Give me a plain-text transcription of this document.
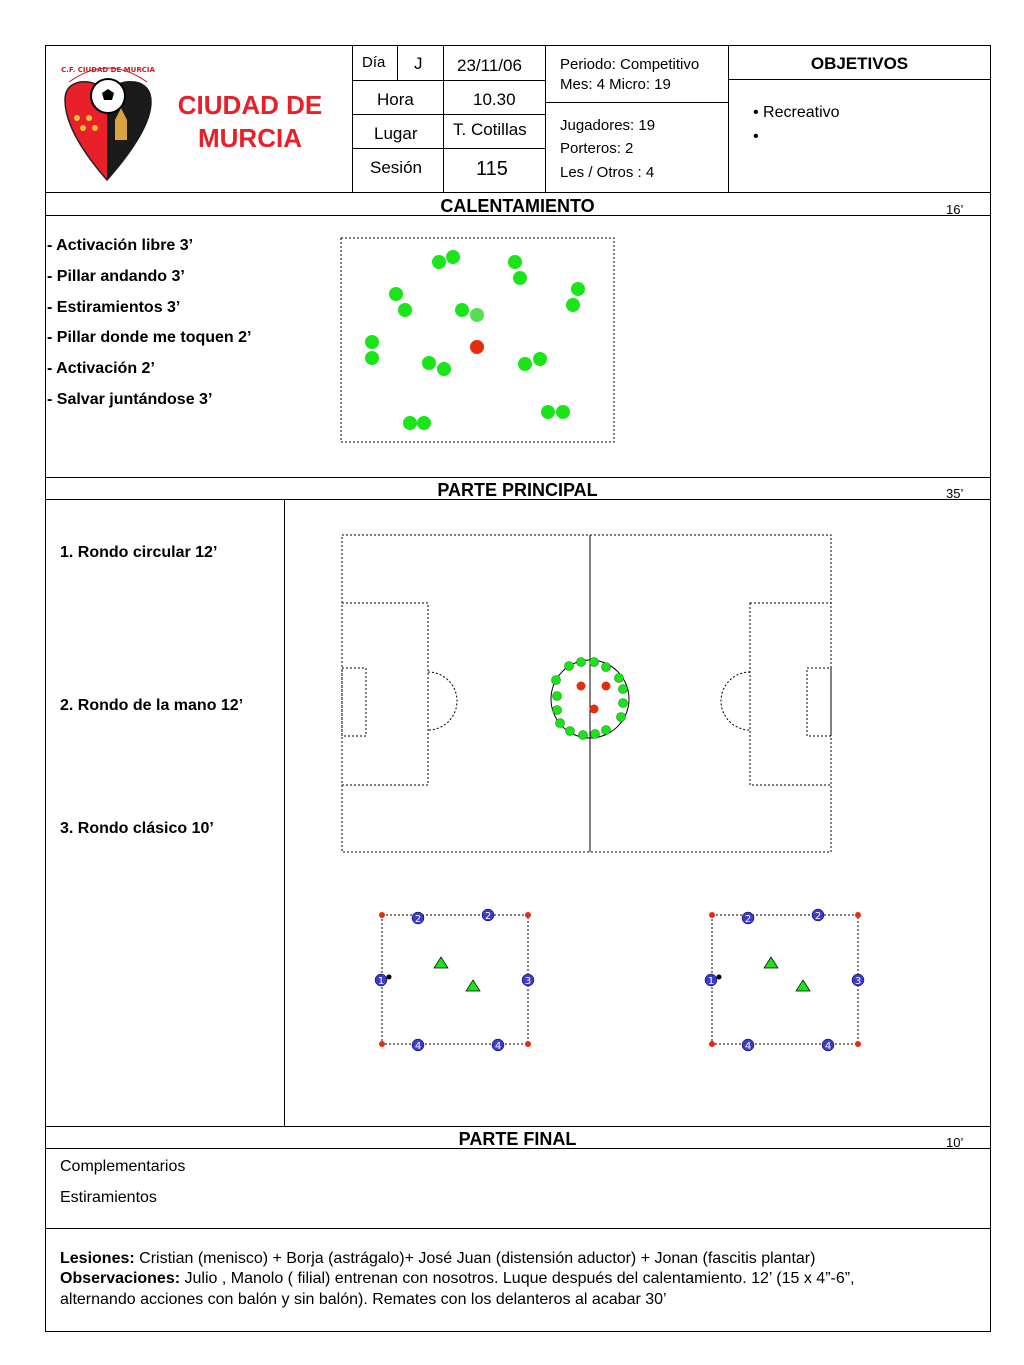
C.F. CIUDAD DE MURCIA
CIUDAD DE
MURCIA
Día J 23/11/06
Hora	10.30
Lugar T. Cotillas
Sesión	115
Periodo: Competitivo
Mes: 4 Micro: 19
Jugadores: 19
Porteros: 2
Les / Otros : 4
OBJETIVOS
• Recreativo
•
CALENTAMIENTO	16’
- Activación libre 3’
- Pillar andando 3’
- Estiramientos 3’
- Pillar donde me toquen 2’
- Activación 2’
- Salvar juntándose 3’
PARTE PRINCIPAL	35’
1. Rondo circular 12’
2. Rondo de la mano 12’
3. Rondo clásico 10’
2	2
1	3
4	4
2	2
1	3
4	4
PARTE FINAL	10’
Complementarios
Estiramientos
Lesiones: Cristian (menisco) + Borja (astrágalo)+ José Juan (distensión aductor) + Jonan (fascitis plantar)
Observaciones: Julio , Manolo ( filial) entrenan con nosotros. Luque después del calentamiento. 12’ (15 x 4”-6”,
alternando acciones con balón y sin balón). Remates con los delanteros al acabar 30’
